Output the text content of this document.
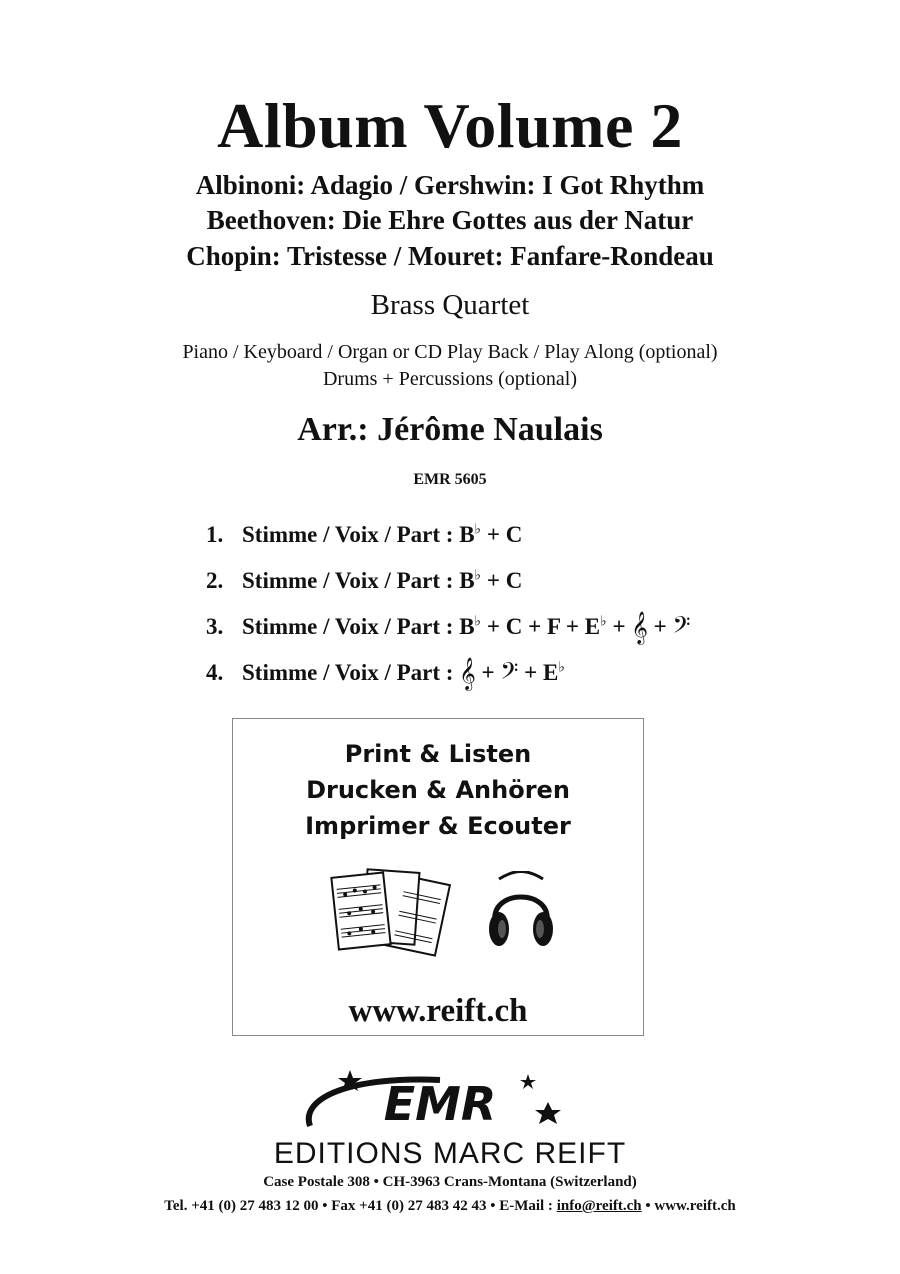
Album Volume 2
Albinoni: Adagio / Gershwin: I Got Rhythm
Beethoven: Die Ehre Gottes aus der Natur
Chopin: Tristesse / Mouret: Fanfare-Rondeau
Brass Quartet
Piano / Keyboard / Organ or CD Play Back / Play Along (optional)
Drums + Percussions (optional)
Arr.: Jérôme Naulais
EMR 5605
1. Stimme / Voix / Part : B♭ + C
2. Stimme / Voix / Part : B♭ + C
3. Stimme / Voix / Part : B♭ + C + F + E♭ + 𝄞 + 𝄢
4. Stimme / Voix / Part : 𝄞 + 𝄢 + E♭
Print & Listen
Drucken & Anhören
Imprimer & Ecouter
www.reift.ch
EMR
EDITIONS MARC REIFT
Case Postale 308 • CH-3963 Crans-Montana (Switzerland)
Tel. +41 (0) 27 483 12 00 • Fax +41 (0) 27 483 42 43 • E-Mail : info@reift.ch • www.reift.ch
